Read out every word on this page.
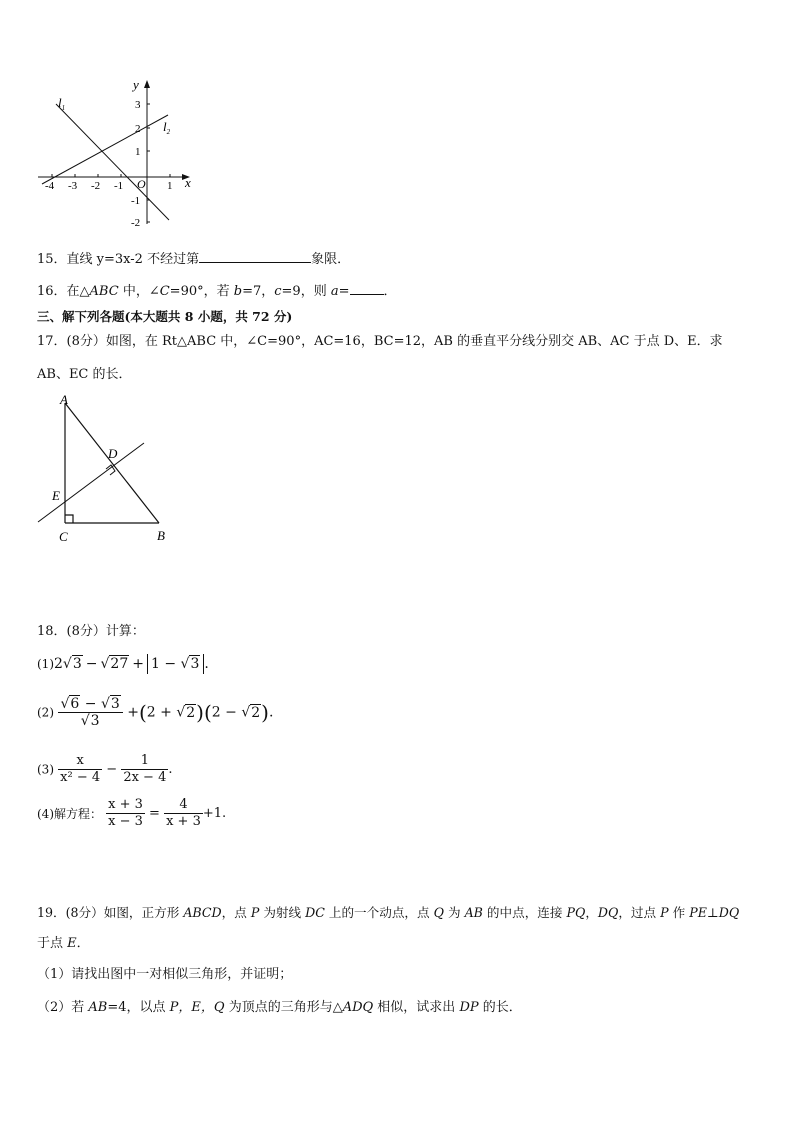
y
x
O
$l_1$
$l_2$
-4 -3 -2 -1	1
3
2
1
-1
-2
15．直线 y=3x-2 不经过第	象限．
16．在△ABC 中，∠C=90°，若 b=7，c=9，则 a=	．
三、解下列各题(本大题共 8 小题，共 72 分)
17．(8分）如图，在 Rt△ABC 中，∠C=90°，AC=16，BC=12，AB 的垂直平分线分别交 AB、AC 于点 D、E．求
AB、EC 的长．
A
D
E
C	B
18．(8分）计算：
(1)2√3 − √27 + 1 − √3 .
$(2) \frac{√6 - √3}{√3} +(2 + √2)(2 - √2)$.
$(3) \frac{x}{\text{x² − 4}} - \frac{1}{2x - 4}$ .
(4)解方程： $\frac{x + 3}{x - 3} = \frac{4}{x + 3} +1$.
19．(8分）如图，正方形 ABCD，点 P 为射线 DC 上的一个动点，点 Q 为 AB 的中点，连接 PQ，DQ，过点 P 作 PE⊥DQ
于点 E．
（1）请找出图中一对相似三角形，并证明；
（2）若 AB=4，以点 P，E，Q 为顶点的三角形与△ADQ 相似，试求出 DP 的长．
